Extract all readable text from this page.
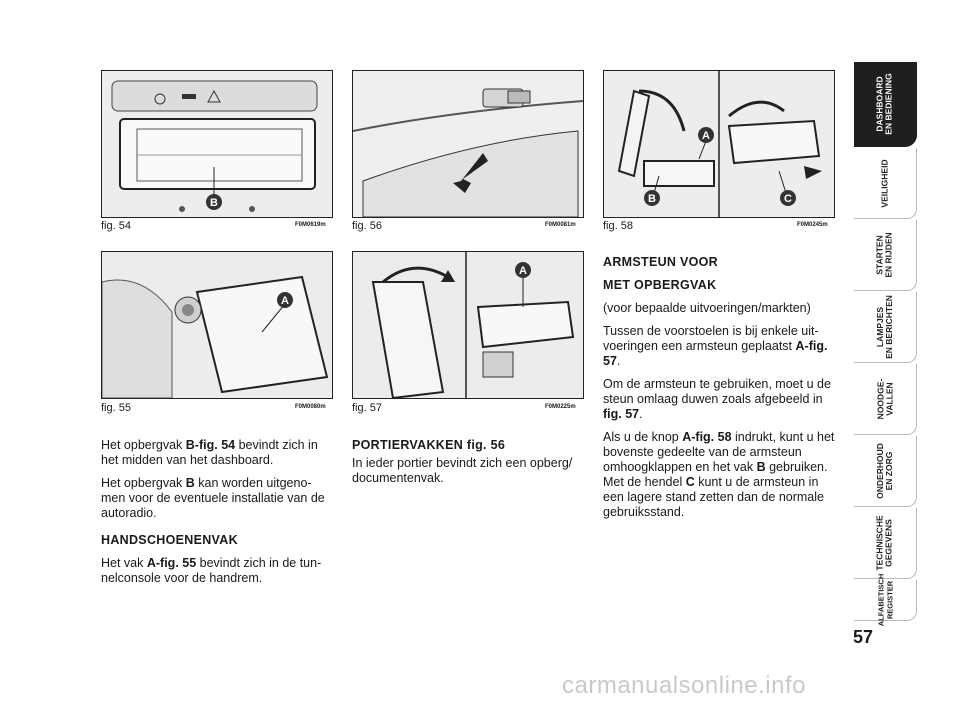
B
fig. 54	F0M0619m
A
fig. 55	F0M0080m
fig. 56	F0M0081m
A
fig. 57	F0M0225m
A
B	C
fig. 58	F0M0245m

Het opbergvak B-fig. 54 bevindt zich in het midden van het dashboard.

Het opbergvak B kan worden uitgeno-men voor de eventuele installatie van de autoradio.

HANDSCHOENENVAK

Het vak A-fig. 55 bevindt zich in de tun-nelconsole voor de handrem.

PORTIERVAKKEN fig. 56

In ieder portier bevindt zich een opberg/ documentenvak.

ARMSTEUN VOOR

MET OPBERGVAK

(voor bepaalde uitvoeringen/markten)

Tussen de voorstoelen is bij enkele uit-voeringen een armsteun geplaatst A-fig. 57.

Om de armsteun te gebruiken, moet u de steun omlaag duwen zoals afgebeeld in fig. 57.

Als u de knop A-fig. 58 indrukt, kunt u het bovenste gedeelte van de armsteun omhoogklappen en het vak B gebruiken. Met de hendel C kunt u de armsteun in een lagere stand zetten dan de normale gebruiksstand.

DASHBOARD
EN BEDIENING
VEILIGHEID
STARTEN
EN RIJDEN
LAMPJES
EN BERICHTEN
NOODGE-
VALLEN
ONDERHOUD
EN ZORG
TECHNISCHE
GEGEVENS
ALFABETISCH
REGISTER
57
carmanualsonline.info
